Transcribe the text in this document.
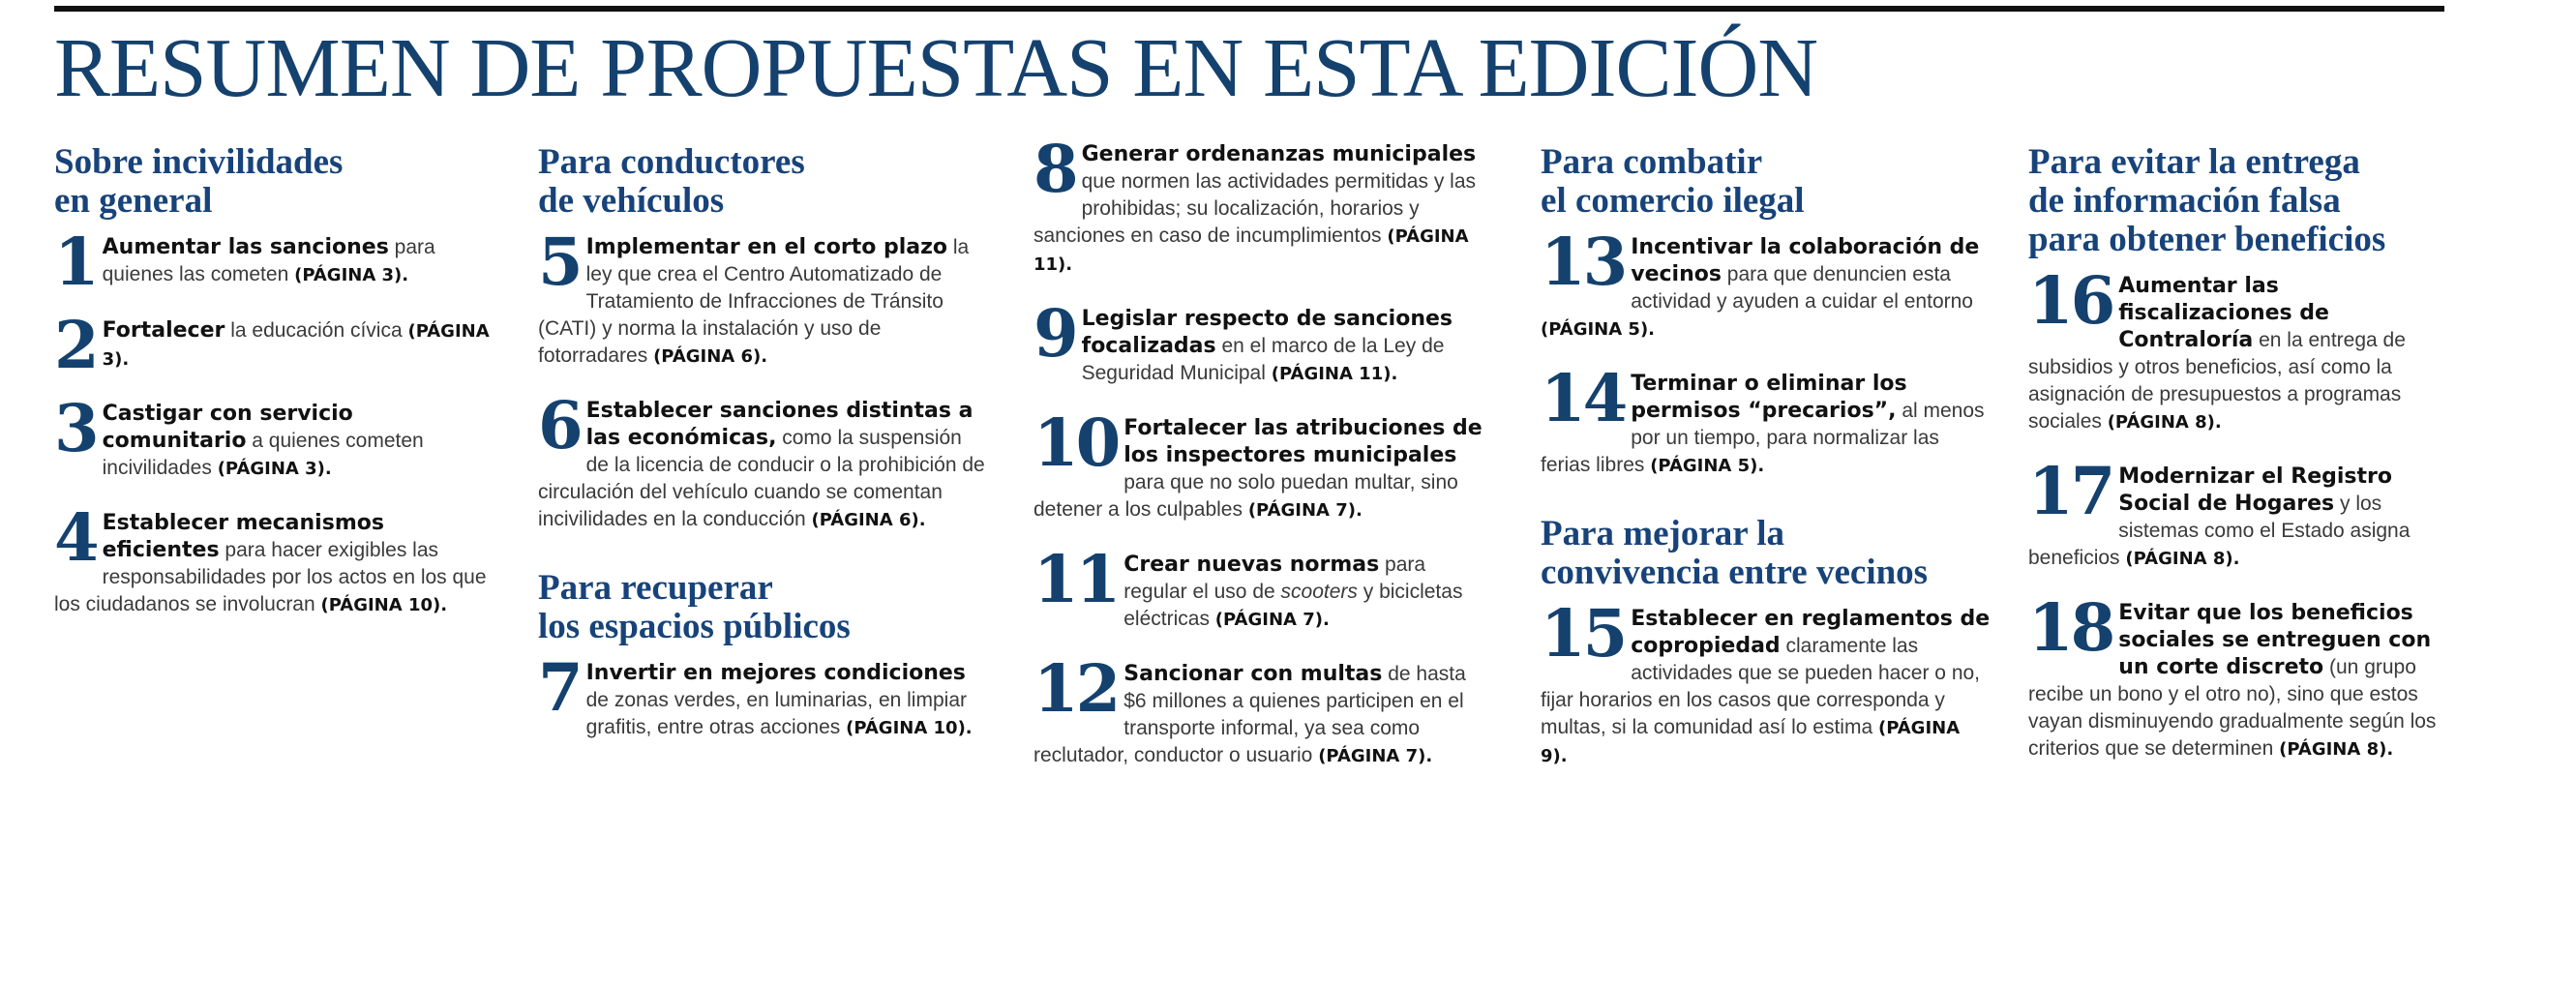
RESUMEN DE PROPUESTAS EN ESTA EDICIÓN
Sobre incivilidades
en general

1 Aumentar las sanciones para quienes las cometen (PÁGINA 3).

2 Fortalecer la educación cívica (PÁGINA 3).

3 Castigar con servicio comunitario a quienes cometen incivilidades (PÁGINA 3).

4 Establecer mecanismos eficientes para hacer exigibles las responsabilidades por los actos en los que los ciudadanos se involucran (PÁGINA 10).

Para conductores
de vehículos

5 Implementar en el corto plazo la ley que crea el Centro Automatizado de Tratamiento de Infracciones de Tránsito (CATI) y norma la instalación y uso de fotorradares (PÁGINA 6).

6 Establecer sanciones distintas a las económicas, como la suspensión de la licencia de conducir o la prohibición de circulación del vehículo cuando se comentan incivilidades en la conducción (PÁGINA 6).

Para recuperar
los espacios públicos

7 Invertir en mejores condiciones de zonas verdes, en luminarias, en limpiar grafitis, entre otras acciones (PÁGINA 10).

8 Generar ordenanzas municipales que normen las actividades permitidas y las prohibidas; su localización, horarios y sanciones en caso de incumplimientos (PÁGINA 11).

9 Legislar respecto de sanciones focalizadas en el marco de la Ley de Seguridad Municipal (PÁGINA 11).

10 Fortalecer las atribuciones de los inspectores municipales para que no solo puedan multar, sino detener a los culpables (PÁGINA 7).

11 Crear nuevas normas para regular el uso de scooters y bicicletas eléctricas (PÁGINA 7).

12 Sancionar con multas de hasta $6 millones a quienes participen en el transporte informal, ya sea como reclutador, conductor o usuario (PÁGINA 7).

Para combatir
el comercio ilegal

13 Incentivar la colaboración de vecinos para que denuncien esta actividad y ayuden a cuidar el entorno (PÁGINA 5).

14 Terminar o eliminar los permisos “precarios”, al menos por un tiempo, para normalizar las ferias libres (PÁGINA 5).

Para mejorar la
convivencia entre vecinos

15 Establecer en reglamentos de copropiedad claramente las actividades que se pueden hacer o no, fijar horarios en los casos que corresponda y multas, si la comunidad así lo estima (PÁGINA 9).

Para evitar la entrega
de información falsa
para obtener beneficios

16 Aumentar las fiscalizaciones de Contraloría en la entrega de subsidios y otros beneficios, así como la asignación de presupuestos a programas sociales (PÁGINA 8).

17 Modernizar el Registro Social de Hogares y los sistemas como el Estado asigna beneficios (PÁGINA 8).

18 Evitar que los beneficios sociales se entreguen con un corte discreto (un grupo recibe un bono y el otro no), sino que estos vayan disminuyendo gradualmente según los criterios que se determinen (PÁGINA 8).
